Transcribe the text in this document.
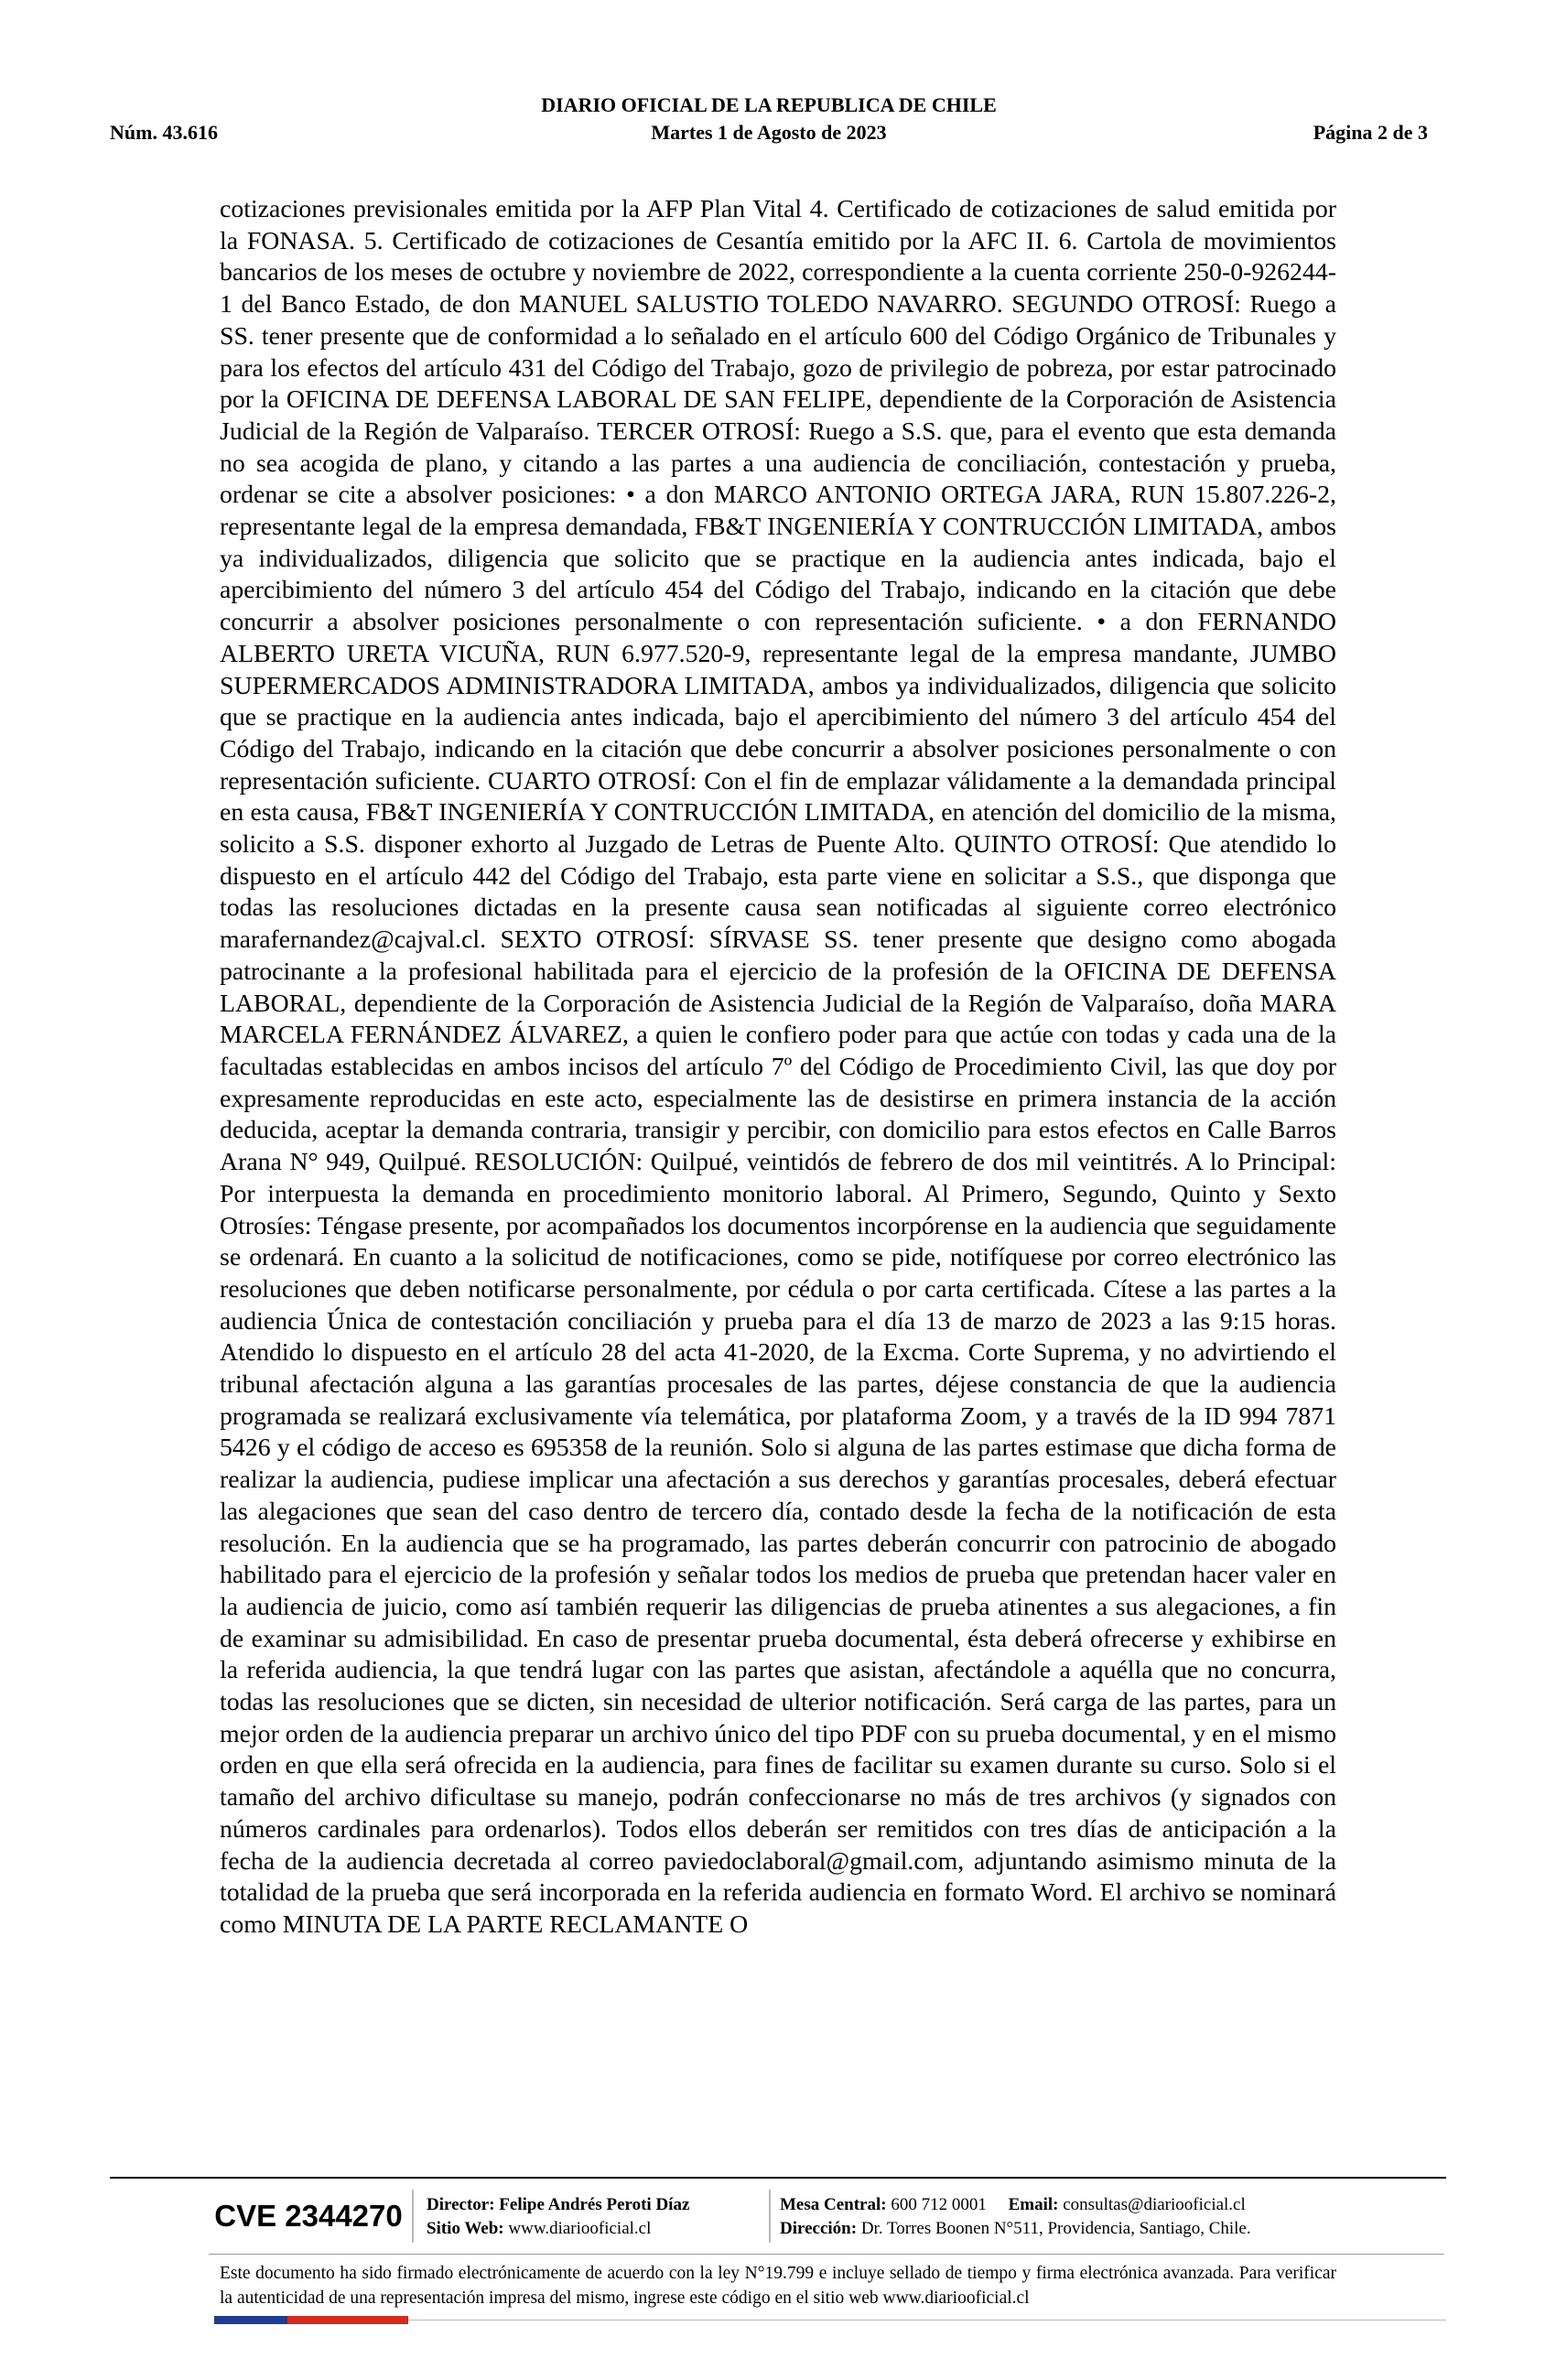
DIARIO OFICIAL DE LA REPUBLICA DE CHILE
Núm. 43.616	Martes 1 de Agosto de 2023	Página 2 de 3

cotizaciones previsionales emitida por la AFP Plan Vital 4. Certificado de cotizaciones de salud emitida por la FONASA. 5. Certificado de cotizaciones de Cesantía emitido por la AFC II. 6. Cartola de movimientos bancarios de los meses de octubre y noviembre de 2022, correspondiente a la cuenta corriente 250-0-926244-1 del Banco Estado, de don MANUEL SALUSTIO TOLEDO NAVARRO. SEGUNDO OTROSÍ: Ruego a SS. tener presente que de conformidad a lo señalado en el artículo 600 del Código Orgánico de Tribunales y para los efectos del artículo 431 del Código del Trabajo, gozo de privilegio de pobreza, por estar patrocinado por la OFICINA DE DEFENSA LABORAL DE SAN FELIPE, dependiente de la Corporación de Asistencia Judicial de la Región de Valparaíso. TERCER OTROSÍ: Ruego a S.S. que, para el evento que esta demanda no sea acogida de plano, y citando a las partes a una audiencia de conciliación, contestación y prueba, ordenar se cite a absolver posiciones: • a don MARCO ANTONIO ORTEGA JARA, RUN 15.807.226-2, representante legal de la empresa demandada, FB&T INGENIERÍA Y CONTRUCCIÓN LIMITADA, ambos ya individualizados, diligencia que solicito que se practique en la audiencia antes indicada, bajo el apercibimiento del número 3 del artículo 454 del Código del Trabajo, indicando en la citación que debe concurrir a absolver posiciones personalmente o con representación suficiente. • a don FERNANDO ALBERTO URETA VICUÑA, RUN 6.977.520-9, representante legal de la empresa mandante, JUMBO SUPERMERCADOS ADMINISTRADORA LIMITADA, ambos ya individualizados, diligencia que solicito que se practique en la audiencia antes indicada, bajo el apercibimiento del número 3 del artículo 454 del Código del Trabajo, indicando en la citación que debe concurrir a absolver posiciones personalmente o con representación suficiente. CUARTO OTROSÍ: Con el fin de emplazar válidamente a la demandada principal en esta causa, FB&T INGENIERÍA Y CONTRUCCIÓN LIMITADA, en atención del domicilio de la misma, solicito a S.S. disponer exhorto al Juzgado de Letras de Puente Alto. QUINTO OTROSÍ: Que atendido lo dispuesto en el artículo 442 del Código del Trabajo, esta parte viene en solicitar a S.S., que disponga que todas las resoluciones dictadas en la presente causa sean notificadas al siguiente correo electrónico marafernandez@cajval.cl. SEXTO OTROSÍ: SÍRVASE SS. tener presente que designo como abogada patrocinante a la profesional habilitada para el ejercicio de la profesión de la OFICINA DE DEFENSA LABORAL, dependiente de la Corporación de Asistencia Judicial de la Región de Valparaíso, doña MARA MARCELA FERNÁNDEZ ÁLVAREZ, a quien le confiero poder para que actúe con todas y cada una de la facultadas establecidas en ambos incisos del artículo 7º del Código de Procedimiento Civil, las que doy por expresamente reproducidas en este acto, especialmente las de desistirse en primera instancia de la acción deducida, aceptar la demanda contraria, transigir y percibir, con domicilio para estos efectos en Calle Barros Arana N° 949, Quilpué. RESOLUCIÓN: Quilpué, veintidós de febrero de dos mil veintitrés. A lo Principal: Por interpuesta la demanda en procedimiento monitorio laboral. Al Primero, Segundo, Quinto y Sexto Otrosíes: Téngase presente, por acompañados los documentos incorpórense en la audiencia que seguidamente se ordenará. En cuanto a la solicitud de notificaciones, como se pide, notifíquese por correo electrónico las resoluciones que deben notificarse personalmente, por cédula o por carta certificada. Cítese a las partes a la audiencia Única de contestación conciliación y prueba para el día 13 de marzo de 2023 a las 9:15 horas. Atendido lo dispuesto en el artículo 28 del acta 41-2020, de la Excma. Corte Suprema, y no advirtiendo el tribunal afectación alguna a las garantías procesales de las partes, déjese constancia de que la audiencia programada se realizará exclusivamente vía telemática, por plataforma Zoom, y a través de la ID 994 7871 5426 y el código de acceso es 695358 de la reunión. Solo si alguna de las partes estimase que dicha forma de realizar la audiencia, pudiese implicar una afectación a sus derechos y garantías procesales, deberá efectuar las alegaciones que sean del caso dentro de tercero día, contado desde la fecha de la notificación de esta resolución. En la audiencia que se ha programado, las partes deberán concurrir con patrocinio de abogado habilitado para el ejercicio de la profesión y señalar todos los medios de prueba que pretendan hacer valer en la audiencia de juicio, como así también requerir las diligencias de prueba atinentes a sus alegaciones, a fin de examinar su admisibilidad. En caso de presentar prueba documental, ésta deberá ofrecerse y exhibirse en la referida audiencia, la que tendrá lugar con las partes que asistan, afectándole a aquélla que no concurra, todas las resoluciones que se dicten, sin necesidad de ulterior notificación. Será carga de las partes, para un mejor orden de la audiencia preparar un archivo único del tipo PDF con su prueba documental, y en el mismo orden en que ella será ofrecida en la audiencia, para fines de facilitar su examen durante su curso. Solo si el tamaño del archivo dificultase su manejo, podrán confeccionarse no más de tres archivos (y signados con números cardinales para ordenarlos). Todos ellos deberán ser remitidos con tres días de anticipación a la fecha de la audiencia decretada al correo paviedoclaboral@gmail.com, adjuntando asimismo minuta de la totalidad de la prueba que será incorporada en la referida audiencia en formato Word. El archivo se nominará como MINUTA DE LA PARTE RECLAMANTE O

CVE 2344270	Director: Felipe Andrés Peroti Díaz
Sitio Web: www.diariooficial.cl
Mesa Central: 600 712 0001 Email: consultas@diariooficial.cl
Dirección: Dr. Torres Boonen N°511, Providencia, Santiago, Chile.
Este documento ha sido firmado electrónicamente de acuerdo con la ley N°19.799 e incluye sellado de tiempo y firma electrónica avanzada. Para verificar la autenticidad de una representación impresa del mismo, ingrese este código en el sitio web www.diariooficial.cl
